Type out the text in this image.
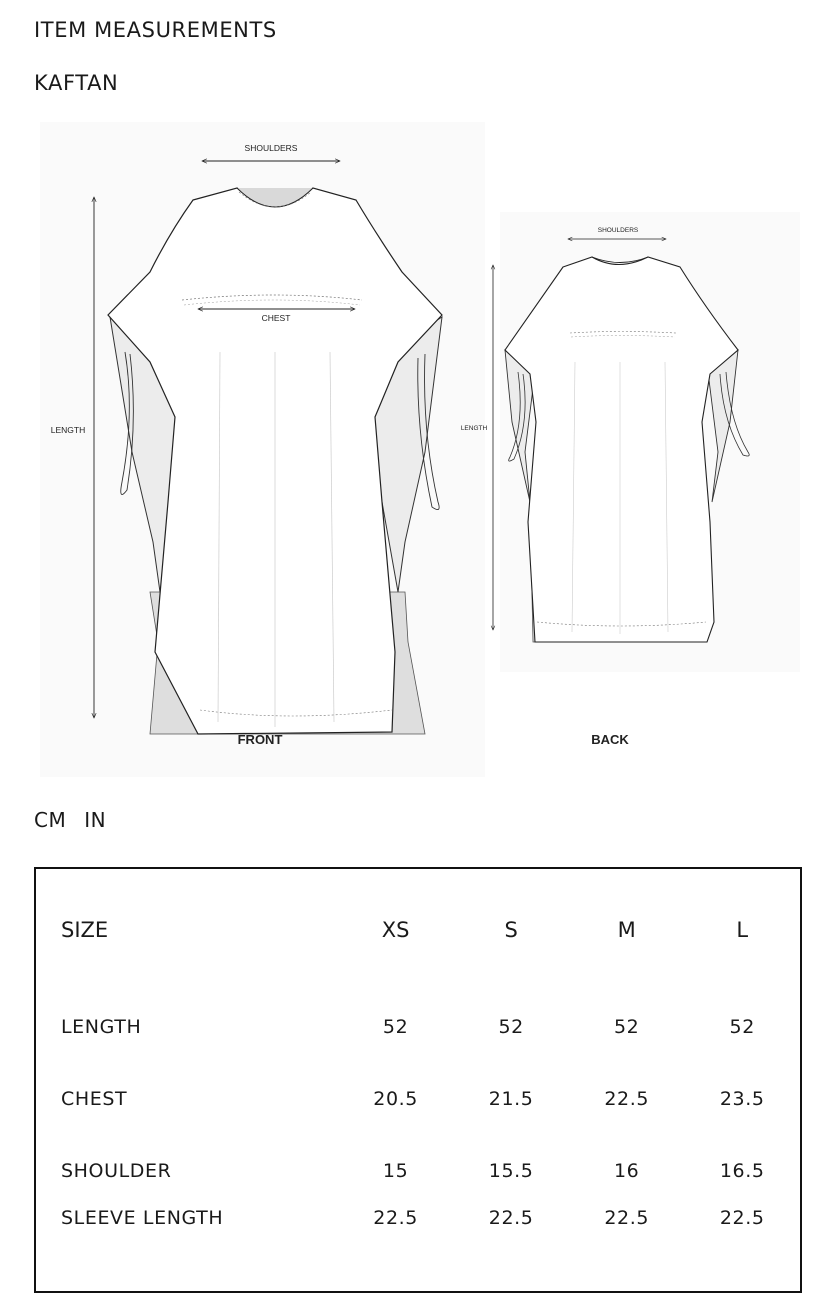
ITEM MEASUREMENTS
KAFTAN
SHOULDERS
CHEST
LENGTH
FRONT
SHOULDERS
LENGTH
BACK
CM IN
SIZE	XS	S	M	L
LENGTH	52	52	52	52
CHEST	20.5	21.5	22.5	23.5
SHOULDER	15	15.5	16	16.5
SLEEVE LENGTH	22.5	22.5	22.5	22.5
